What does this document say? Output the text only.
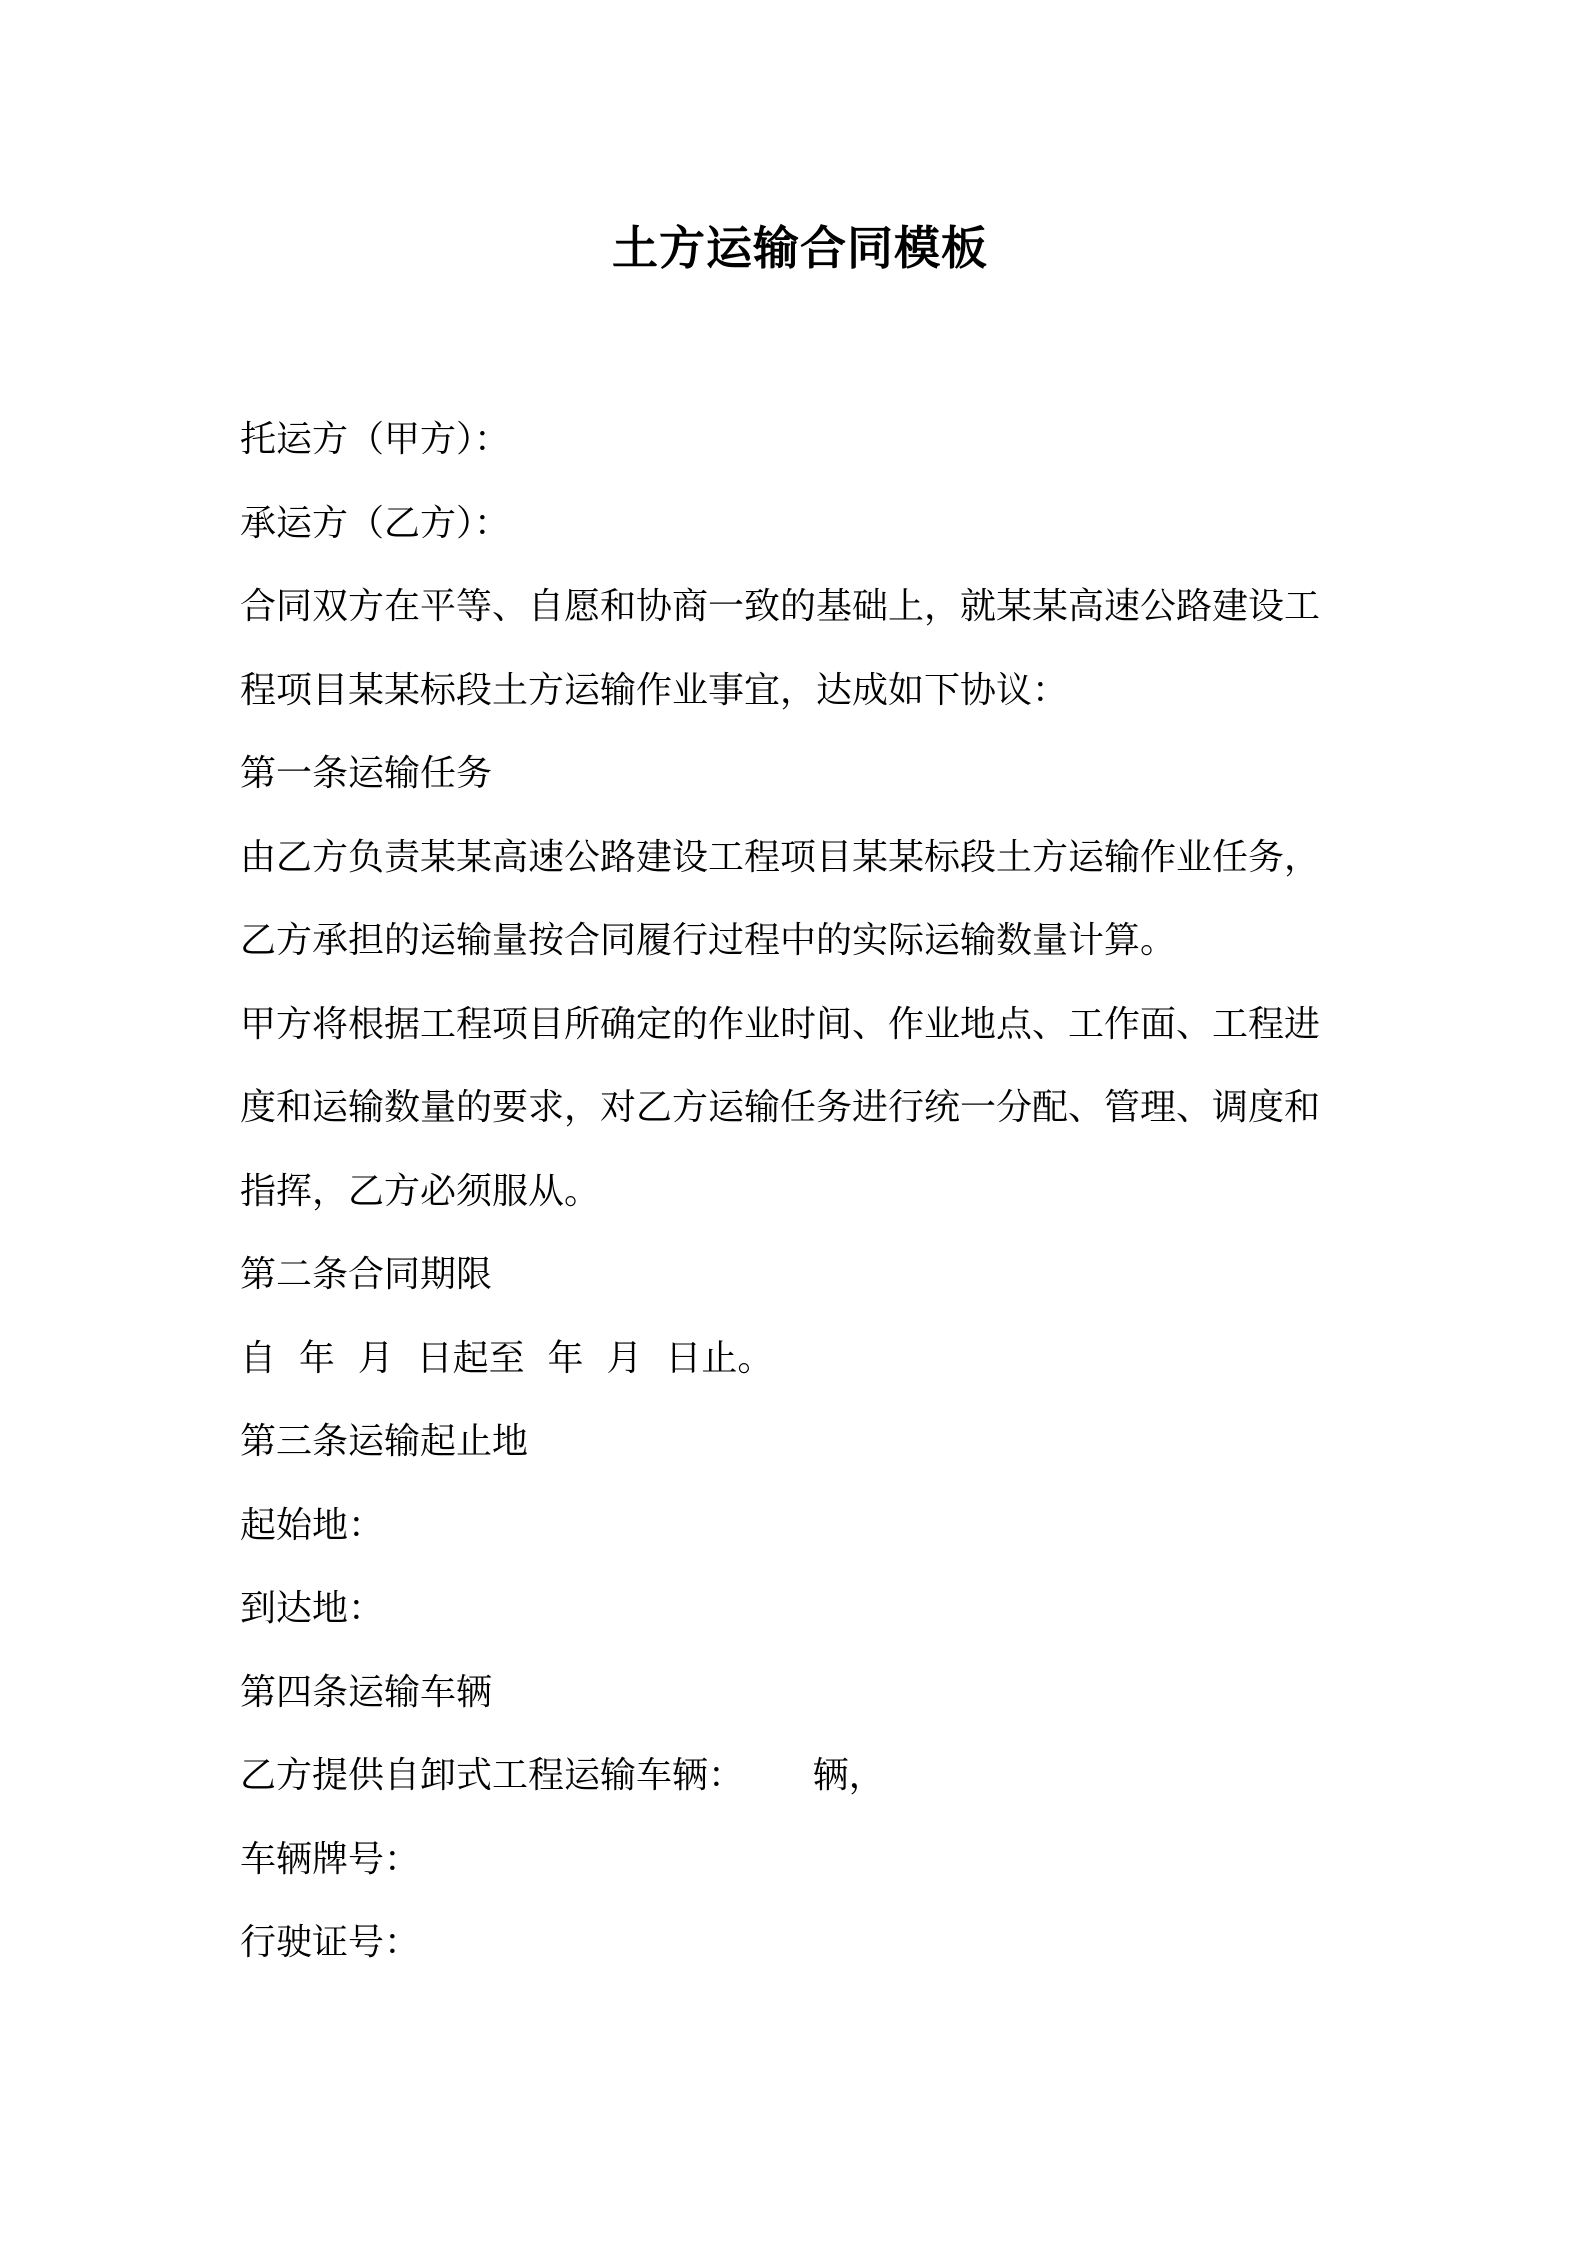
土方运输合同模板

托运方（甲方）：

承运方（乙方）：

合同双方在平等、自愿和协商一致的基础上，就某某高速公路建设工

程项目某某标段土方运输作业事宜，达成如下协议：

第一条运输任务

由乙方负责某某高速公路建设工程项目某某标段土方运输作业任务，

乙方承担的运输量按合同履行过程中的实际运输数量计算。

甲方将根据工程项目所确定的作业时间、作业地点、工作面、工程进

度和运输数量的要求，对乙方运输任务进行统一分配、管理、调度和

指挥，乙方必须服从。

第二条合同期限

自  年  月  日起至  年  月  日止。

第三条运输起止地

起始地：

到达地：

第四条运输车辆

乙方提供自卸式工程运输车辆：      辆，

车辆牌号：

行驶证号：
